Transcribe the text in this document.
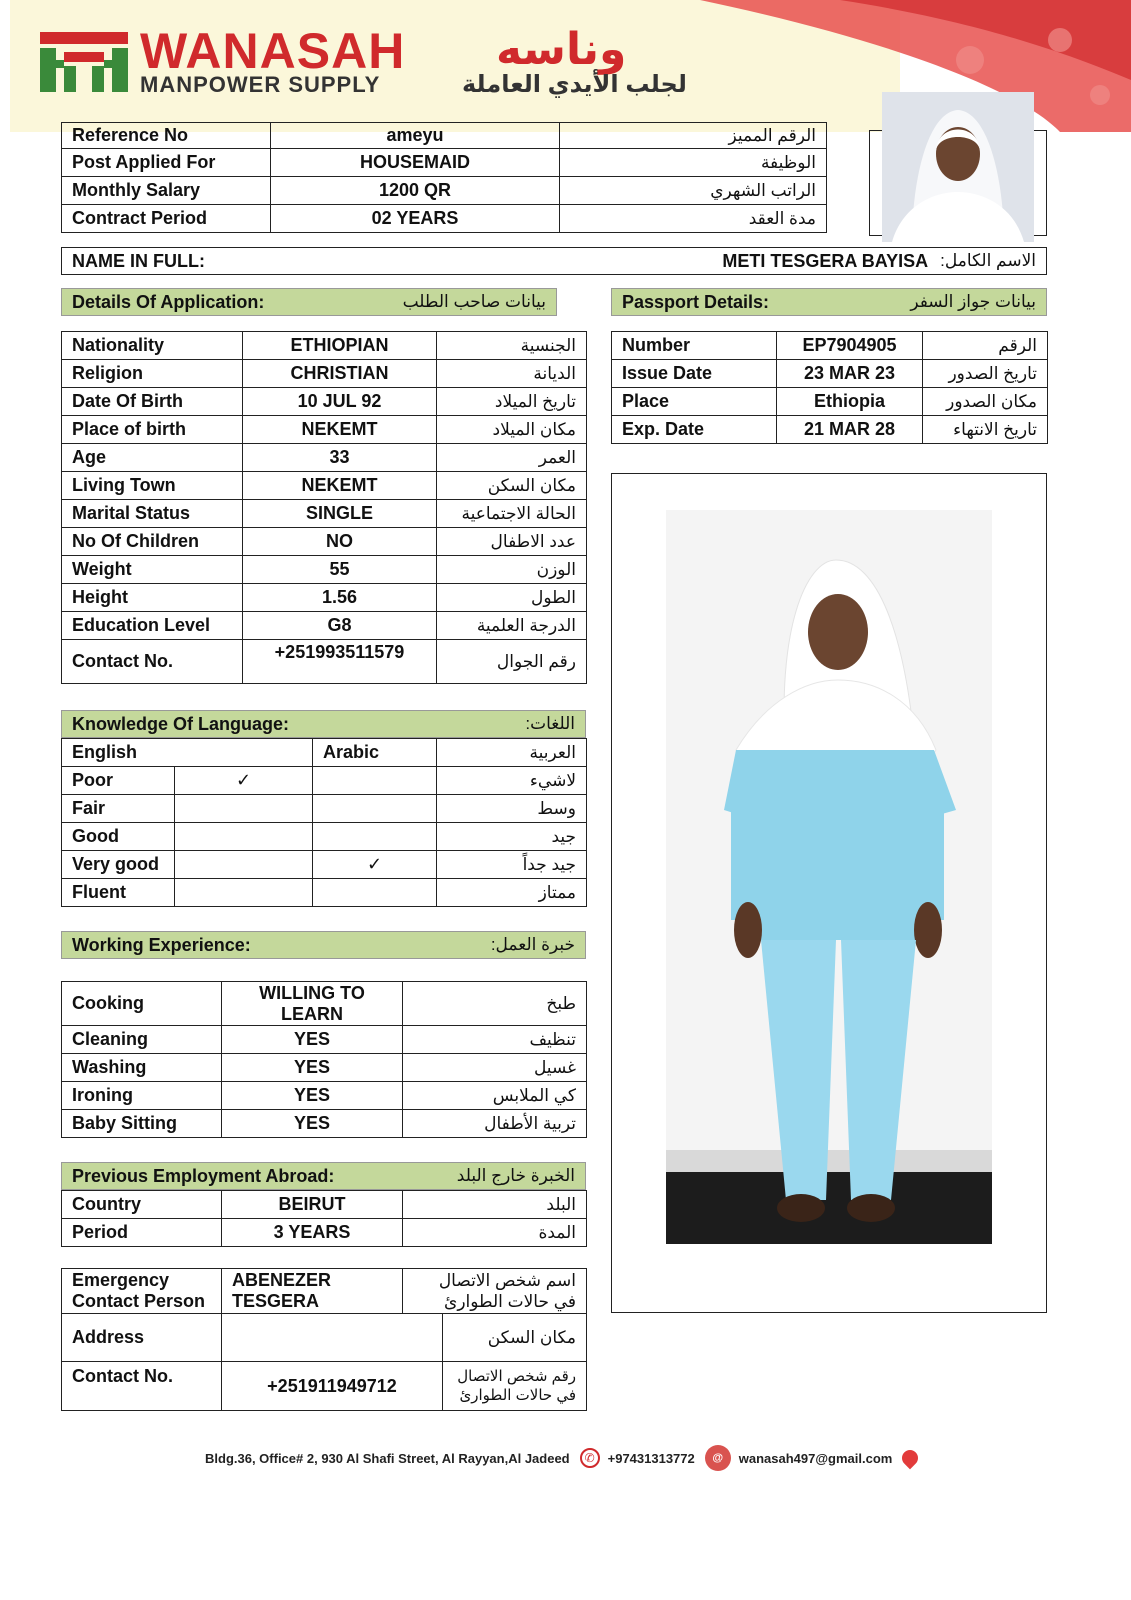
WANASAH وناسه
MANPOWER SUPPLY	لجلب الأيدي العاملة
Reference No	ameyu	الرقم المميز
Post Applied For	HOUSEMAID	الوظيفة
Monthly Salary	1200 QR	الراتب الشهري
Contract Period	02 YEARS	مدة العقد
NAME IN FULL:	METI TESGERA BAYISA الاسم الكامل:
Details Of Application:	بيانات صاحب الطلب
Nationality	ETHIOPIAN	الجنسية
Religion	CHRISTIAN	الديانة
Date Of Birth	10 JUL 92	تاريخ الميلاد
Place of birth	NEKEMT	مكان الميلاد
Age	33	العمر
Living Town	NEKEMT	مكان السكن
Marital Status	SINGLE	الحالة الاجتماعية
No Of Children	NO	عدد الاطفال
Weight	55	الوزن
Height	1.56	الطول
Education Level	G8	الدرجة العلمية
Contact No.	+251993511579	رقم الجوال
Passport Details:	بيانات جواز السفر
Number	EP7904905	الرقم
Issue Date	23 MAR 23	تاريخ الصدور
Place	Ethiopia	مكان الصدور
Exp. Date	21 MAR 28	تاريخ الانتهاء
Knowledge Of Language:	اللغات:
English		Arabic	العربية
Poor	✓		لاشيء
Fair			وسط
Good			جيد
Very good		✓	جيد جداً
Fluent			ممتاز
Working Experience:	خبرة العمل:
Cooking	WILLING TO LEARN	طبخ
Cleaning	YES	تنظيف
Washing	YES	غسيل
Ironing	YES	كي الملابس
Baby Sitting	YES	تربية الأطفال
Previous Employment Abroad:	الخبرة خارج البلد
Country	BEIRUT	البلد
Period	3 YEARS	المدة
Emergency Contact Person	ABENEZER TESGERA	اسم شخص الاتصال في حالات الطوارئ	
Address			مكان السكن
Contact No.	+251911949712		رقم شخص الاتصال في حالات الطوارئ
Bldg.36, Office# 2, 930 Al Shafi Street, Al Rayyan,Al Jadeed	✆ +97431313772	@	wanasah497@gmail.com
